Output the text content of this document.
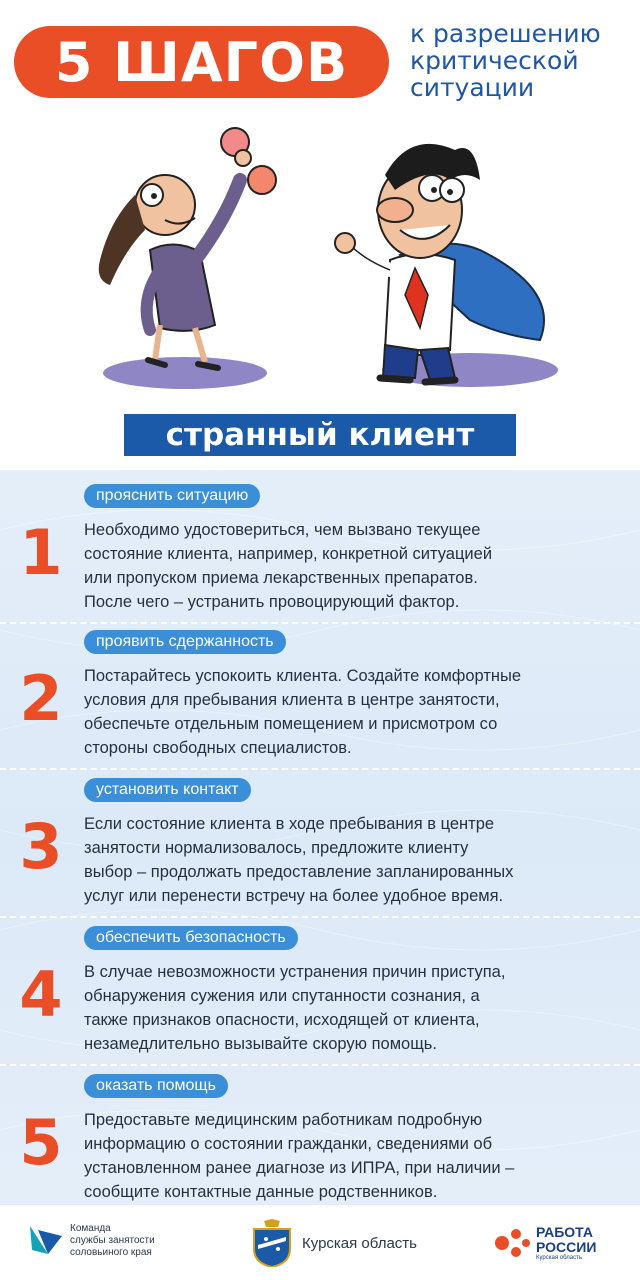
5 ШАГОВ	к разрешению
критической
ситуации
странный клиент
прояснить ситуацию
1	Необходимо удостовериться, чем вызвано текущее
состояние клиента, например, конкретной ситуацией
или пропуском приема лекарственных препаратов.
После чего – устранить провоцирующий фактор.
проявить сдержанность
2	Постарайтесь успокоить клиента. Создайте комфортные
условия для пребывания клиента в центре занятости,
обеспечьте отдельным помещением и присмотром со
стороны свободных специалистов.
установить контакт
3	Если состояние клиента в ходе пребывания в центре
занятости нормализовалось, предложите клиенту
выбор – продолжать предоставление запланированных
услуг или перенести встречу на более удобное время.
обеспечить безопасность
4	В случае невозможности устранения причин приступа,
обнаружения сужения или спутанности сознания, а
также признаков опасности, исходящей от клиента,
незамедлительно вызывайте скорую помощь.
оказать помощь
5	Предоставьте медицинским работникам подробную
информацию о состоянии гражданки, сведениями об
установленном ранее диагнозе из ИПРА, при наличии –
сообщите контактные данные родственников.
Команда
службы занятости
соловьиного края
Курская область
РАБОТА
РОССИИ
Курская область
